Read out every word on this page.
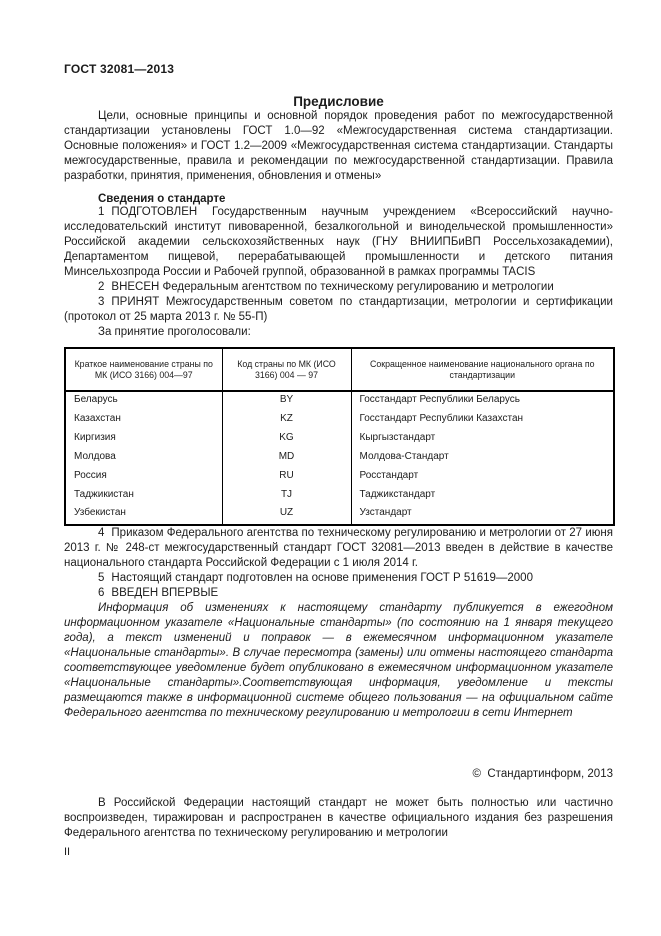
ГОСТ 32081—2013
Предисловие

Цели, основные принципы и основной порядок проведения работ по межгосударственной стандартизации установлены ГОСТ 1.0—92 «Межгосударственная система стандартизации. Основные положения» и ГОСТ 1.2—2009 «Межгосударственная система стандартизации. Стандарты межгосударственные, правила и рекомендации по межгосударственной стандартизации. Правила разработки, принятия, применения, обновления и отмены»

Сведения о стандарте

1 ПОДГОТОВЛЕН Государственным научным учреждением «Всероссийский научно-исследовательский институт пивоваренной, безалкогольной и винодельческой промышленности» Российской академии сельскохозяйственных наук (ГНУ ВНИИПБиВП Россельхозакадемии), Департаментом пищевой, перерабатывающей промышленности и детского питания Минсельхозпрода России и Рабочей группой, образованной в рамках программы TACIS

2 ВНЕСЕН Федеральным агентством по техническому регулированию и метрологии

3 ПРИНЯТ Межгосударственным советом по стандартизации, метрологии и сертификации (протокол от 25 марта 2013 г. № 55-П)

За принятие проголосовали:

Краткое наименование страны по МК (ИСО 3166) 004—97	Код страны по МК (ИСО 3166) 004 — 97	Сокращенное наименование национального органа по стандартизации
Беларусь	BY	Госстандарт Республики Беларусь
Казахстан	KZ	Госстандарт Республики Казахстан
Киргизия	KG	Кыргызстандарт
Молдова	MD	Молдова-Стандарт
Россия	RU	Росстандарт
Таджикистан	TJ	Таджикстандарт
Узбекистан	UZ	Узстандарт

4 Приказом Федерального агентства по техническому регулированию и метрологии от 27 июня 2013 г. № 248-ст межгосударственный стандарт ГОСТ 32081—2013 введен в действие в качестве национального стандарта Российской Федерации с 1 июля 2014 г.

5 Настоящий стандарт подготовлен на основе применения ГОСТ Р 51619—2000

6 ВВЕДЕН ВПЕРВЫЕ

Информация об изменениях к настоящему стандарту публикуется в ежегодном информационном указателе «Национальные стандарты» (по состоянию на 1 января текущего года), а текст изменений и поправок — в ежемесячном информационном указателе «Национальные стандарты». В случае пересмотра (замены) или отмены настоящего стандарта соответствующее уведомление будет опубликовано в ежемесячном информационном указателе «Национальные стандарты».Соответствующая информация, уведомление и тексты размещаются также в информационной системе общего пользования — на официальном сайте Федерального агентства по техническому регулированию и метрологии в сети Интернет

©  Стандартинформ, 2013

В Российской Федерации настоящий стандарт не может быть полностью или частично воспроизведен, тиражирован и распространен в качестве официального издания без разрешения Федерального агентства по техническому регулированию и метрологии

II
